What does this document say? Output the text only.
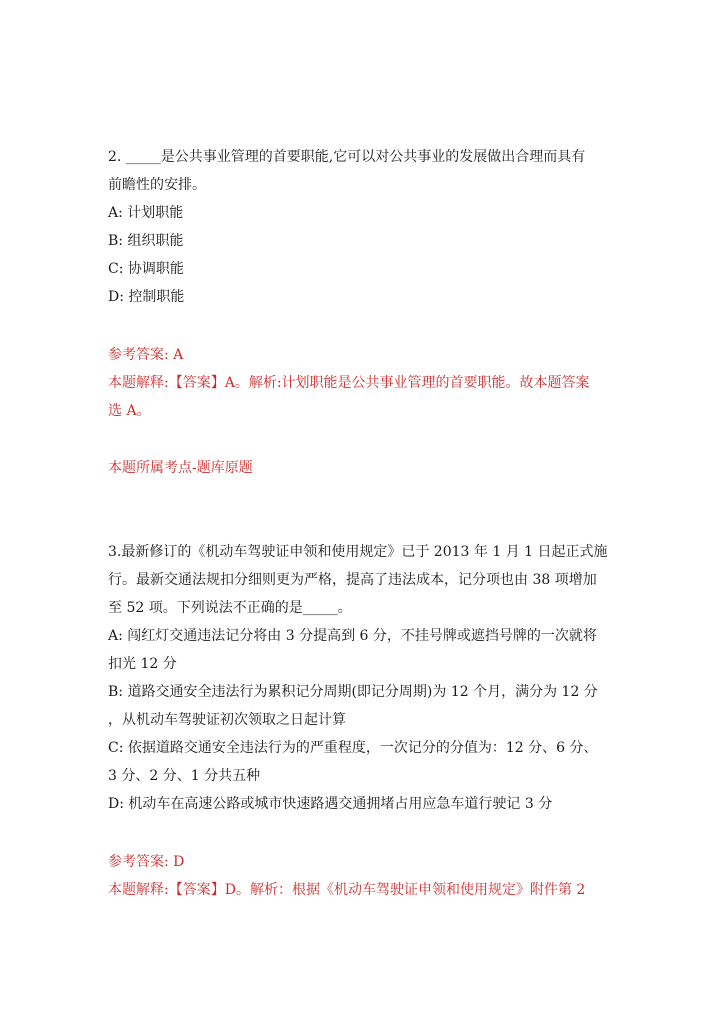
2. _____是公共事业管理的首要职能,它可以对公共事业的发展做出合理而具有
前瞻性的安排。
A: 计划职能
B: 组织职能
C: 协调职能
D: 控制职能
参考答案: A
本题解释:【答案】A。解析:计划职能是公共事业管理的首要职能。故本题答案
选 A。
本题所属考点-题库原题
3.最新修订的《机动车驾驶证申领和使用规定》已于 2013 年 1 月 1 日起正式施
行。最新交通法规扣分细则更为严格，提高了违法成本，记分项也由 38 项增加
至 52 项。下列说法不正确的是_____。
A: 闯红灯交通违法记分将由 3 分提高到 6 分，不挂号牌或遮挡号牌的一次就将
扣光 12 分
B: 道路交通安全违法行为累积记分周期(即记分周期)为 12 个月，满分为 12 分
，从机动车驾驶证初次领取之日起计算
C: 依据道路交通安全违法行为的严重程度，一次记分的分值为：12 分、6 分、
3 分、2 分、1 分共五种
D: 机动车在高速公路或城市快速路遇交通拥堵占用应急车道行驶记 3 分
参考答案: D
本题解释:【答案】D。解析：根据《机动车驾驶证申领和使用规定》附件第 2
